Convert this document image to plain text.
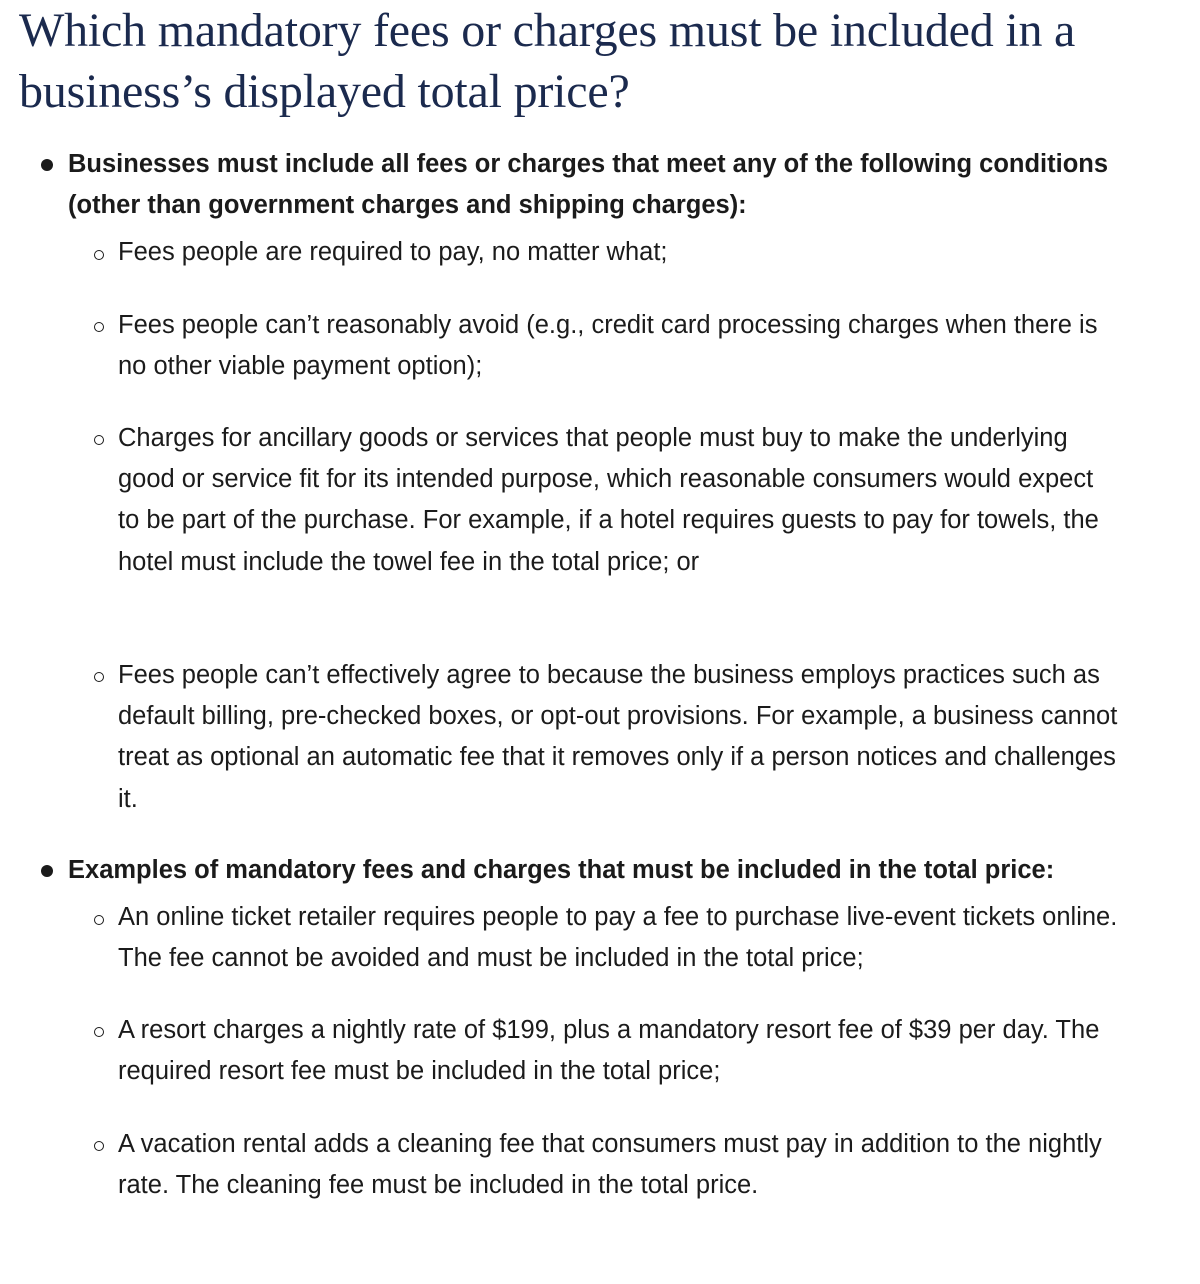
Which mandatory fees or charges must be included in a business’s displayed total price?

Businesses must include all fees or charges that meet any of the following conditions (other than government charges and shipping charges):

Fees people are required to pay, no matter what;

Fees people can’t reasonably avoid (e.g., credit card processing charges when there is no other viable payment option);

Charges for ancillary goods or services that people must buy to make the underlying good or service fit for its intended purpose, which reasonable consumers would expect to be part of the purchase. For example, if a hotel requires guests to pay for towels, the hotel must include the towel fee in the total price; or

Fees people can’t effectively agree to because the business employs practices such as default billing, pre-checked boxes, or opt-out provisions. For example, a business cannot treat as optional an automatic fee that it removes only if a person notices and challenges it.

Examples of mandatory fees and charges that must be included in the total price:

An online ticket retailer requires people to pay a fee to purchase live-event tickets online. The fee cannot be avoided and must be included in the total price;

A resort charges a nightly rate of $199, plus a mandatory resort fee of $39 per day. The required resort fee must be included in the total price;

A vacation rental adds a cleaning fee that consumers must pay in addition to the nightly rate. The cleaning fee must be included in the total price.
